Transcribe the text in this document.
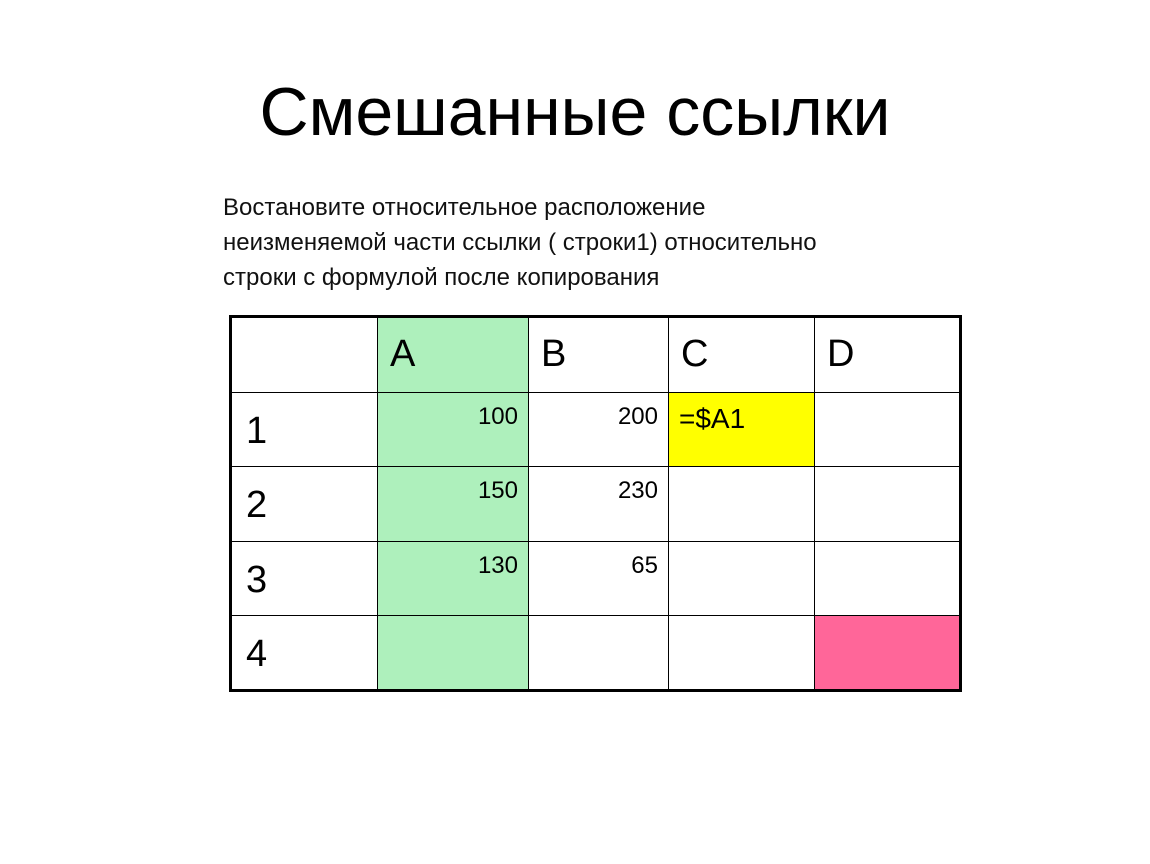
Смешанные ссылки
Востановите относительное расположение
неизменяемой части ссылки ( строки1) относительно
строки с формулой после копирования
	A	B	C	D
1	100	200	=$A1	
2	150	230		
3	130	65		
4				
